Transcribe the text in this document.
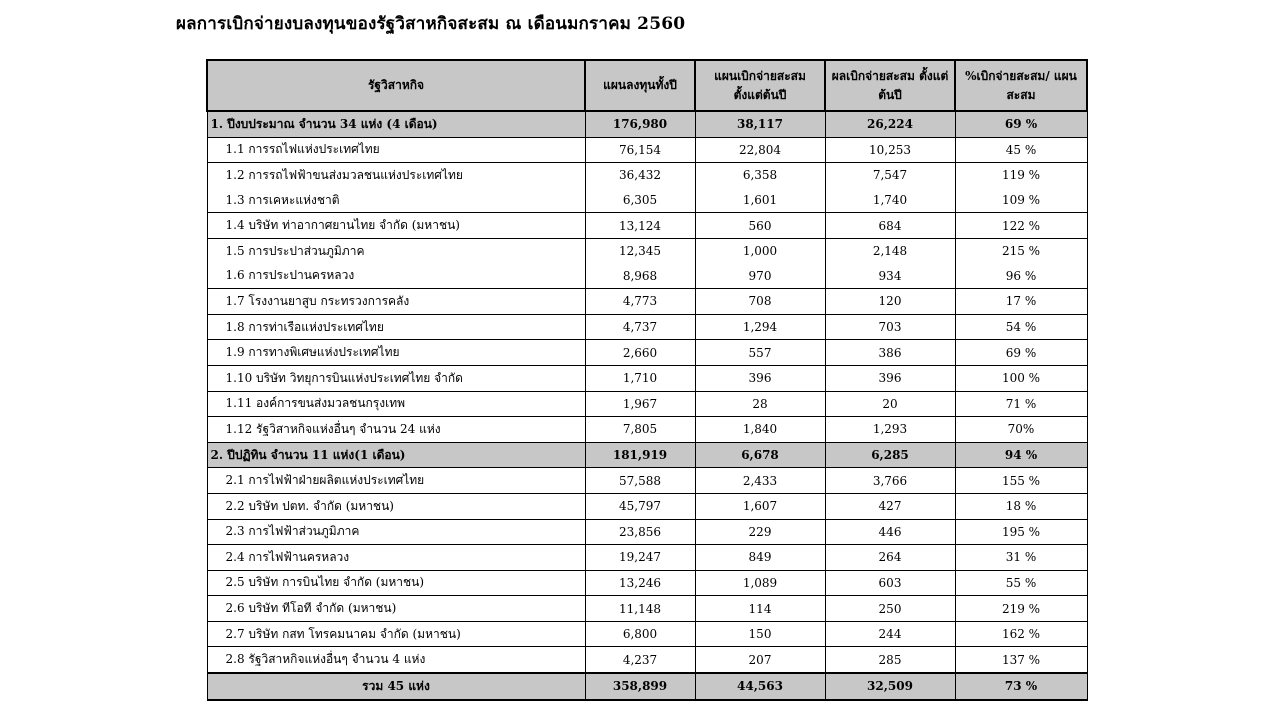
ผลการเบิกจ่ายงบลงทุนของรัฐวิสาหกิจสะสม ณ เดือนมกราคม 2560
รัฐวิสาหกิจ	แผนลงทุนทั้งปี	แผนเบิกจ่ายสะสม ตั้งแต่ต้นปี	ผลเบิกจ่ายสะสม ตั้งแต่ต้นปี	%เบิกจ่ายสะสม/ แผนสะสม
1. ปีงบประมาณ จำนวน 34 แห่ง (4 เดือน)	176,980	38,117	26,224	69 %
1.1 การรถไฟแห่งประเทศไทย	76,154	22,804	10,253	45 %
1.2 การรถไฟฟ้าขนส่งมวลชนแห่งประเทศไทย	36,432	6,358	7,547	119 %
1.3 การเคหะแห่งชาติ	6,305	1,601	1,740	109 %
1.4 บริษัท ท่าอากาศยานไทย จำกัด (มหาชน)	13,124	560	684	122 %
1.5 การประปาส่วนภูมิภาค	12,345	1,000	2,148	215 %
1.6 การประปานครหลวง	8,968	970	934	96 %
1.7 โรงงานยาสูบ กระทรวงการคลัง	4,773	708	120	17 %
1.8 การท่าเรือแห่งประเทศไทย	4,737	1,294	703	54 %
1.9 การทางพิเศษแห่งประเทศไทย	2,660	557	386	69 %
1.10 บริษัท วิทยุการบินแห่งประเทศไทย จำกัด	1,710	396	396	100 %
1.11 องค์การขนส่งมวลชนกรุงเทพ	1,967	28	20	71 %
1.12 รัฐวิสาหกิจแห่งอื่นๆ จำนวน 24 แห่ง	7,805	1,840	1,293	70%
2. ปีปฏิทิน จำนวน 11 แห่ง(1 เดือน)	181,919	6,678	6,285	94 %
2.1 การไฟฟ้าฝ่ายผลิตแห่งประเทศไทย	57,588	2,433	3,766	155 %
2.2 บริษัท ปตท. จำกัด (มหาชน)	45,797	1,607	427	18 %
2.3 การไฟฟ้าส่วนภูมิภาค	23,856	229	446	195 %
2.4 การไฟฟ้านครหลวง	19,247	849	264	31 %
2.5 บริษัท การบินไทย จำกัด (มหาชน)	13,246	1,089	603	55 %
2.6 บริษัท ทีโอที จำกัด (มหาชน)	11,148	114	250	219 %
2.7 บริษัท กสท โทรคมนาคม จำกัด (มหาชน)	6,800	150	244	162 %
2.8 รัฐวิสาหกิจแห่งอื่นๆ จำนวน 4 แห่ง	4,237	207	285	137 %
รวม 45 แห่ง	358,899	44,563	32,509	73 %
